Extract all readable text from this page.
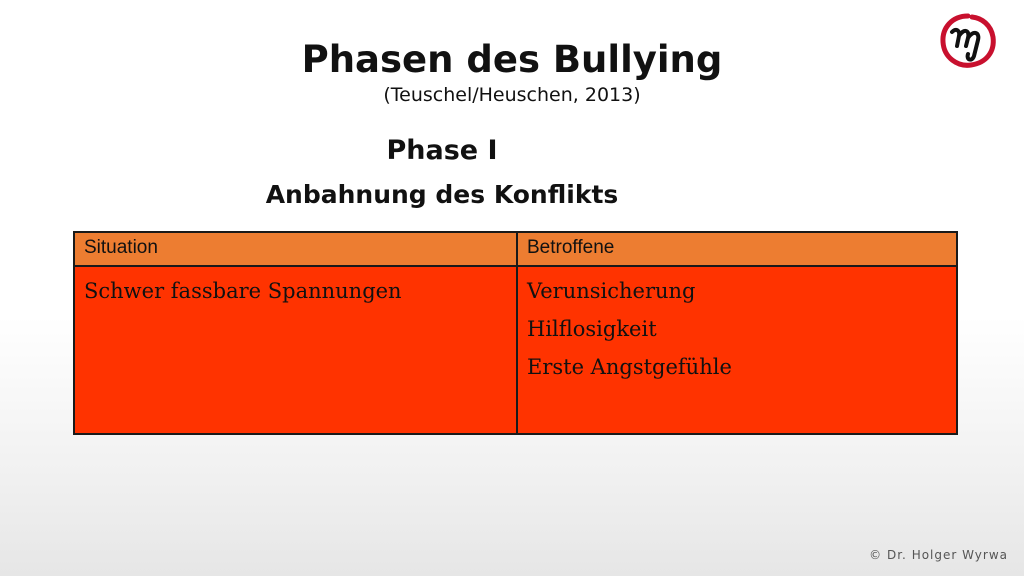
Phasen des Bullying
(Teuschel/Heuschen, 2013)
Phase I
Anbahnung des Konflikts
Situation	Betroffene

Schwer fassbare Spannungen	Verunsicherung
Hilflosigkeit
Erste Angstgefühle
© Dr. Holger Wyrwa
